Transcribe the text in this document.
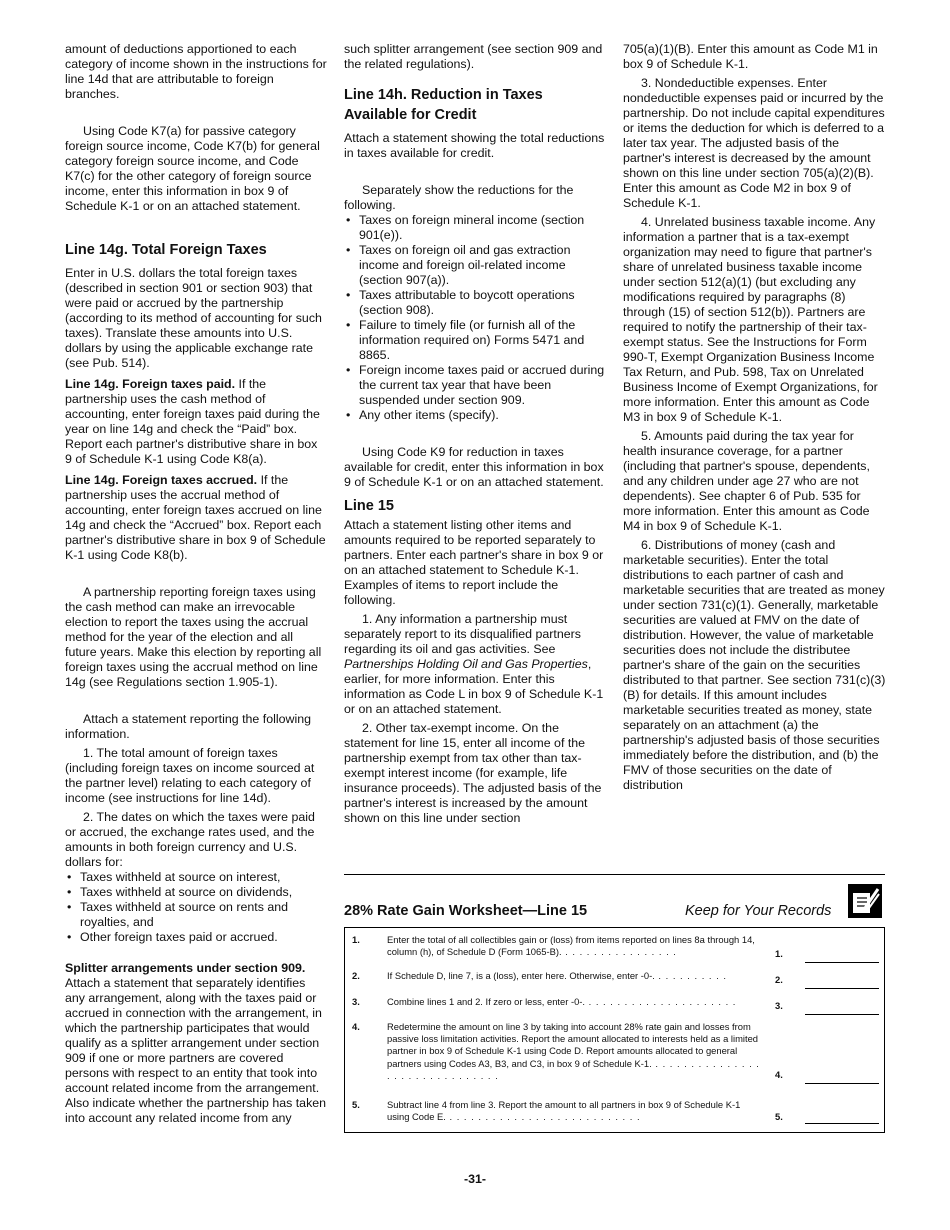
amount of deductions apportioned to each category of income shown in the instructions for line 14d that are attributable to foreign branches.

Using Code K7(a) for passive category foreign source income, Code K7(b) for general category foreign source income, and Code K7(c) for the other category of foreign source income, enter this information in box 9 of Schedule K-1 or on an attached statement.

Line 14g. Total Foreign Taxes

Enter in U.S. dollars the total foreign taxes (described in section 901 or section 903) that were paid or accrued by the partnership (according to its method of accounting for such taxes). Translate these amounts into U.S. dollars by using the applicable exchange rate (see Pub. 514).

Line 14g. Foreign taxes paid. If the partnership uses the cash method of accounting, enter foreign taxes paid during the year on line 14g and check the “Paid” box. Report each partner's distributive share in box 9 of Schedule K-1 using Code K8(a).

Line 14g. Foreign taxes accrued. If the partnership uses the accrual method of accounting, enter foreign taxes accrued on line 14g and check the “Accrued” box. Report each partner's distributive share in box 9 of Schedule K-1 using Code K8(b).

A partnership reporting foreign taxes using the cash method can make an irrevocable election to report the taxes using the accrual method for the year of the election and all future years. Make this election by reporting all foreign taxes using the accrual method on line 14g (see Regulations section 1.905-1).

Attach a statement reporting the following information.

1. The total amount of foreign taxes (including foreign taxes on income sourced at the partner level) relating to each category of income (see instructions for line 14d).

2. The dates on which the taxes were paid or accrued, the exchange rates used, and the amounts in both foreign currency and U.S. dollars for:

• Taxes withheld at source on interest,
• Taxes withheld at source on dividends,
• Taxes withheld at source on rents and royalties, and
• Other foreign taxes paid or accrued.

Splitter arrangements under section 909.

Attach a statement that separately identifies any arrangement, along with the taxes paid or accrued in connection with the arrangement, in which the partnership participates that would qualify as a splitter arrangement under section 909 if one or more partners are covered persons with respect to an entity that took into account related income from the arrangement. Also indicate whether the partnership has taken into account any related income from any

such splitter arrangement (see section 909 and the related regulations).

Line 14h. Reduction in Taxes Available for Credit

Attach a statement showing the total reductions in taxes available for credit.

Separately show the reductions for the following.

• Taxes on foreign mineral income (section 901(e)).
• Taxes on foreign oil and gas extraction income and foreign oil-related income (section 907(a)).
• Taxes attributable to boycott operations (section 908).
• Failure to timely file (or furnish all of the information required on) Forms 5471 and 8865.
• Foreign income taxes paid or accrued during the current tax year that have been suspended under section 909.
• Any other items (specify).

Using Code K9 for reduction in taxes available for credit, enter this information in box 9 of Schedule K-1 or on an attached statement.

Line 15

Attach a statement listing other items and amounts required to be reported separately to partners. Enter each partner's share in box 9 or on an attached statement to Schedule K-1. Examples of items to report include the following.

1. Any information a partnership must separately report to its disqualified partners regarding its oil and gas activities. See Partnerships Holding Oil and Gas Properties, earlier, for more information. Enter this information as Code L in box 9 of Schedule K-1 or on an attached statement.

2. Other tax-exempt income. On the statement for line 15, enter all income of the partnership exempt from tax other than tax-exempt interest income (for example, life insurance proceeds). The adjusted basis of the partner's interest is increased by the amount shown on this line under section

705(a)(1)(B). Enter this amount as Code M1 in box 9 of Schedule K-1.

3. Nondeductible expenses. Enter nondeductible expenses paid or incurred by the partnership. Do not include capital expenditures or items the deduction for which is deferred to a later tax year. The adjusted basis of the partner's interest is decreased by the amount shown on this line under section 705(a)(2)(B). Enter this amount as Code M2 in box 9 of Schedule K-1.

4. Unrelated business taxable income. Any information a partner that is a tax-exempt organization may need to figure that partner's share of unrelated business taxable income under section 512(a)(1) (but excluding any modifications required by paragraphs (8) through (15) of section 512(b)). Partners are required to notify the partnership of their tax-exempt status. See the Instructions for Form 990-T, Exempt Organization Business Income Tax Return, and Pub. 598, Tax on Unrelated Business Income of Exempt Organizations, for more information. Enter this amount as Code M3 in box 9 of Schedule K-1.

5. Amounts paid during the tax year for health insurance coverage, for a partner (including that partner's spouse, dependents, and any children under age 27 who are not dependents). See chapter 6 of Pub. 535 for more information. Enter this amount as Code M4 in box 9 of Schedule K-1.

6. Distributions of money (cash and marketable securities). Enter the total distributions to each partner of cash and marketable securities that are treated as money under section 731(c)(1). Generally, marketable securities are valued at FMV on the date of distribution. However, the value of marketable securities does not include the distributee partner's share of the gain on the securities distributed to that partner. See section 731(c)(3)(B) for details. If this amount includes marketable securities treated as money, state separately on an attachment (a) the partnership's adjusted basis of those securities immediately before the distribution, and (b) the FMV of those securities on the date of distribution

28% Rate Gain Worksheet—Line 15	Keep for Your Records
1.	Enter the total of all collectibles gain or (loss) from items reported on lines 8a through 14, column (h), of Schedule D (Form 1065-B). . . . . . . . . . . . . . . . .	1.
2.	If Schedule D, line 7, is a (loss), enter here. Otherwise, enter -0-. . . . . . . . . . .	2.
3.	Combine lines 1 and 2. If zero or less, enter -0-. . . . . . . . . . . . . . . . . . . . . .	3.
4.	Redetermine the amount on line 3 by taking into account 28% rate gain and losses from passive loss limitation activities. Report the amount allocated to interests held as a limited partner in box 9 of Schedule K-1 using Code D. Report amounts allocated to general partners using Codes A3, B3, and C3, in box 9 of Schedule K-1. . . . . . . . . . . . . . . . . . . . . . . . . . . . . . . .	4.
5.	Subtract line 4 from line 3. Report the amount to all partners in box 9 of Schedule K-1 using Code E. . . . . . . . . . . . . . . . . . . . . . . . . . . .	5.
-31-
